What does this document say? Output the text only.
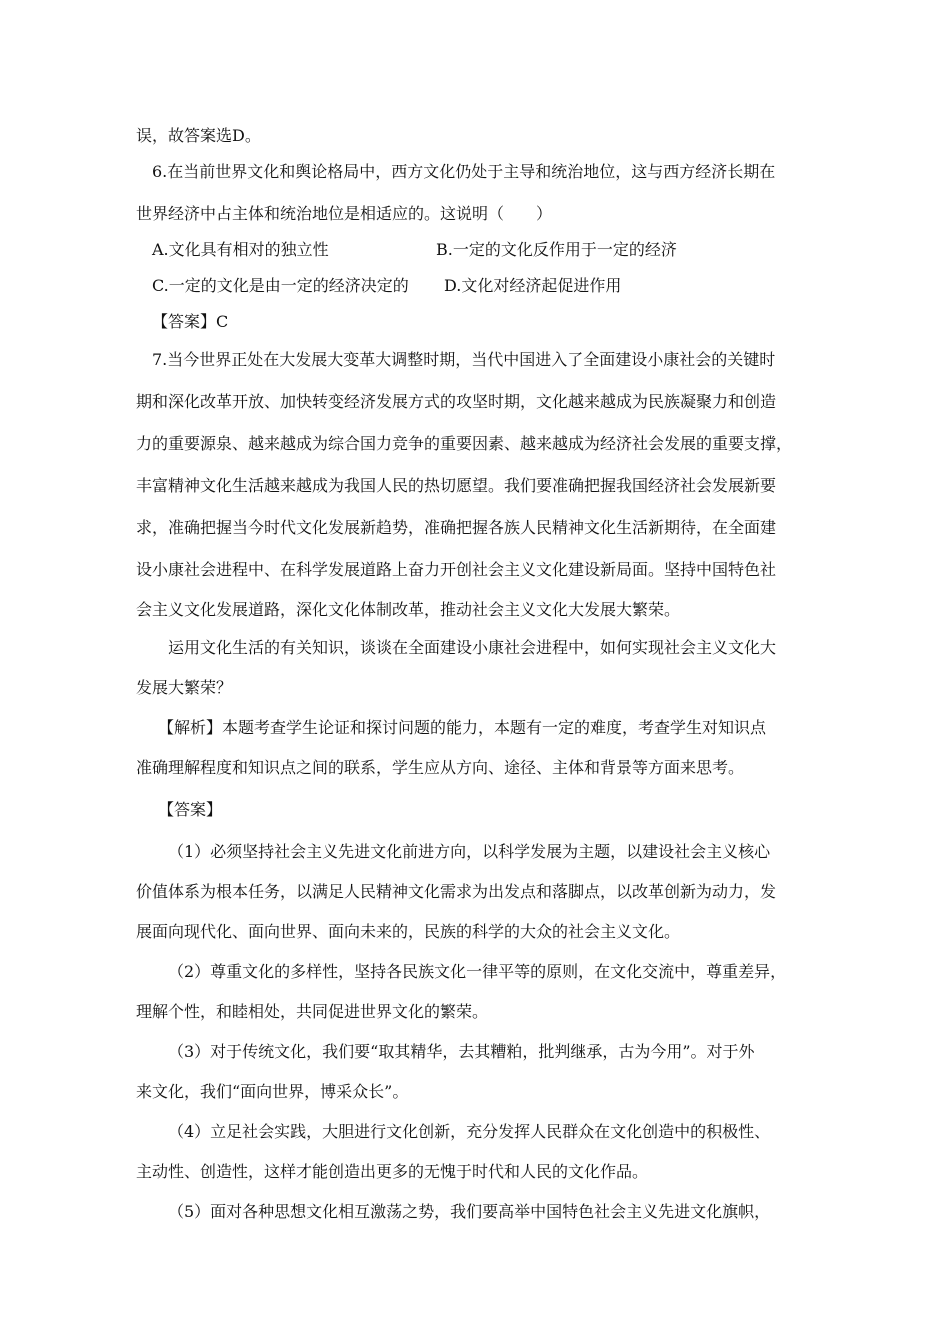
误，故答案选D。
6.在当前世界文化和舆论格局中，西方文化仍处于主导和统治地位，这与西方经济长期在
世界经济中占主体和统治地位是相适应的。这说明（　　）
A.文化具有相对的独立性	B.一定的文化反作用于一定的经济
C.一定的文化是由一定的经济决定的 D.文化对经济起促进作用
【答案】C
7.当今世界正处在大发展大变革大调整时期，当代中国进入了全面建设小康社会的关键时
期和深化改革开放、加快转变经济发展方式的攻坚时期，文化越来越成为民族凝聚力和创造
力的重要源泉、越来越成为综合国力竞争的重要因素、越来越成为经济社会发展的重要支撑，
丰富精神文化生活越来越成为我国人民的热切愿望。我们要准确把握我国经济社会发展新要
求，准确把握当今时代文化发展新趋势，准确把握各族人民精神文化生活新期待，在全面建
设小康社会进程中、在科学发展道路上奋力开创社会主义文化建设新局面。坚持中国特色社
会主义文化发展道路，深化文化体制改革，推动社会主义文化大发展大繁荣。
运用文化生活的有关知识，谈谈在全面建设小康社会进程中，如何实现社会主义文化大
发展大繁荣？
【解析】本题考查学生论证和探讨问题的能力，本题有一定的难度，考查学生对知识点
准确理解程度和知识点之间的联系，学生应从方向、途径、主体和背景等方面来思考。
【答案】
（1）必须坚持社会主义先进文化前进方向，以科学发展为主题，以建设社会主义核心
价值体系为根本任务，以满足人民精神文化需求为出发点和落脚点，以改革创新为动力，发
展面向现代化、面向世界、面向未来的，民族的科学的大众的社会主义文化。
（2）尊重文化的多样性，坚持各民族文化一律平等的原则，在文化交流中，尊重差异，
理解个性，和睦相处，共同促进世界文化的繁荣。
（3）对于传统文化，我们要“取其精华，去其糟粕，批判继承，古为今用”。对于外
来文化，我们“面向世界，博采众长”。
（4）立足社会实践，大胆进行文化创新，充分发挥人民群众在文化创造中的积极性、
主动性、创造性，这样才能创造出更多的无愧于时代和人民的文化作品。
（5）面对各种思想文化相互激荡之势，我们要高举中国特色社会主义先进文化旗帜，
